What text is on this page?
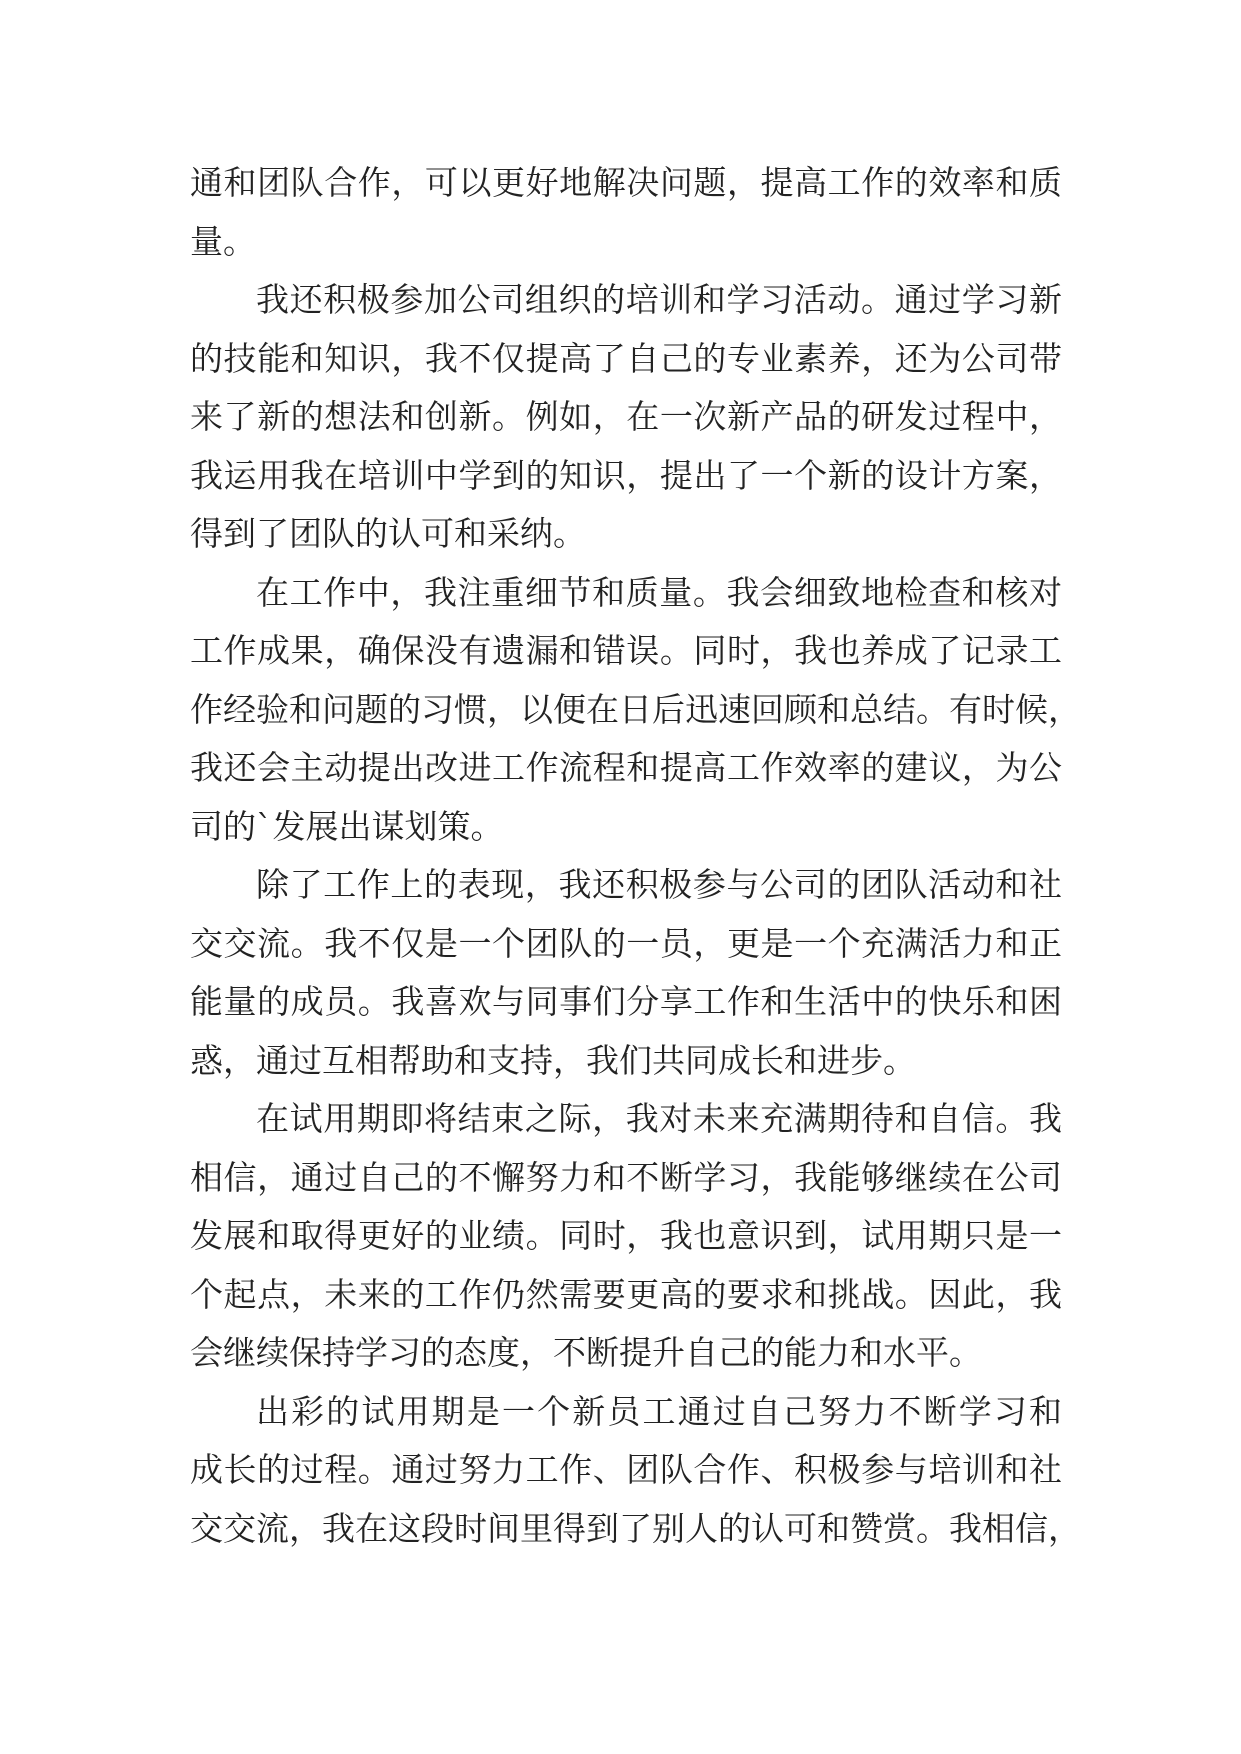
通和团队合作，可以更好地解决问题，提高工作的效率和质
量。
我还积极参加公司组织的培训和学习活动。通过学习新
的技能和知识，我不仅提高了自己的专业素养，还为公司带
来了新的想法和创新。例如，在一次新产品的研发过程中，
我运用我在培训中学到的知识，提出了一个新的设计方案，
得到了团队的认可和采纳。
在工作中，我注重细节和质量。我会细致地检查和核对
工作成果，确保没有遗漏和错误。同时，我也养成了记录工
作经验和问题的习惯，以便在日后迅速回顾和总结。有时候，
我还会主动提出改进工作流程和提高工作效率的建议，为公
司的`发展出谋划策。
除了工作上的表现，我还积极参与公司的团队活动和社
交交流。我不仅是一个团队的一员，更是一个充满活力和正
能量的成员。我喜欢与同事们分享工作和生活中的快乐和困
惑，通过互相帮助和支持，我们共同成长和进步。
在试用期即将结束之际，我对未来充满期待和自信。我
相信，通过自己的不懈努力和不断学习，我能够继续在公司
发展和取得更好的业绩。同时，我也意识到，试用期只是一
个起点，未来的工作仍然需要更高的要求和挑战。因此，我
会继续保持学习的态度，不断提升自己的能力和水平。
出彩的试用期是一个新员工通过自己努力不断学习和
成长的过程。通过努力工作、团队合作、积极参与培训和社
交交流，我在这段时间里得到了别人的认可和赞赏。我相信，
